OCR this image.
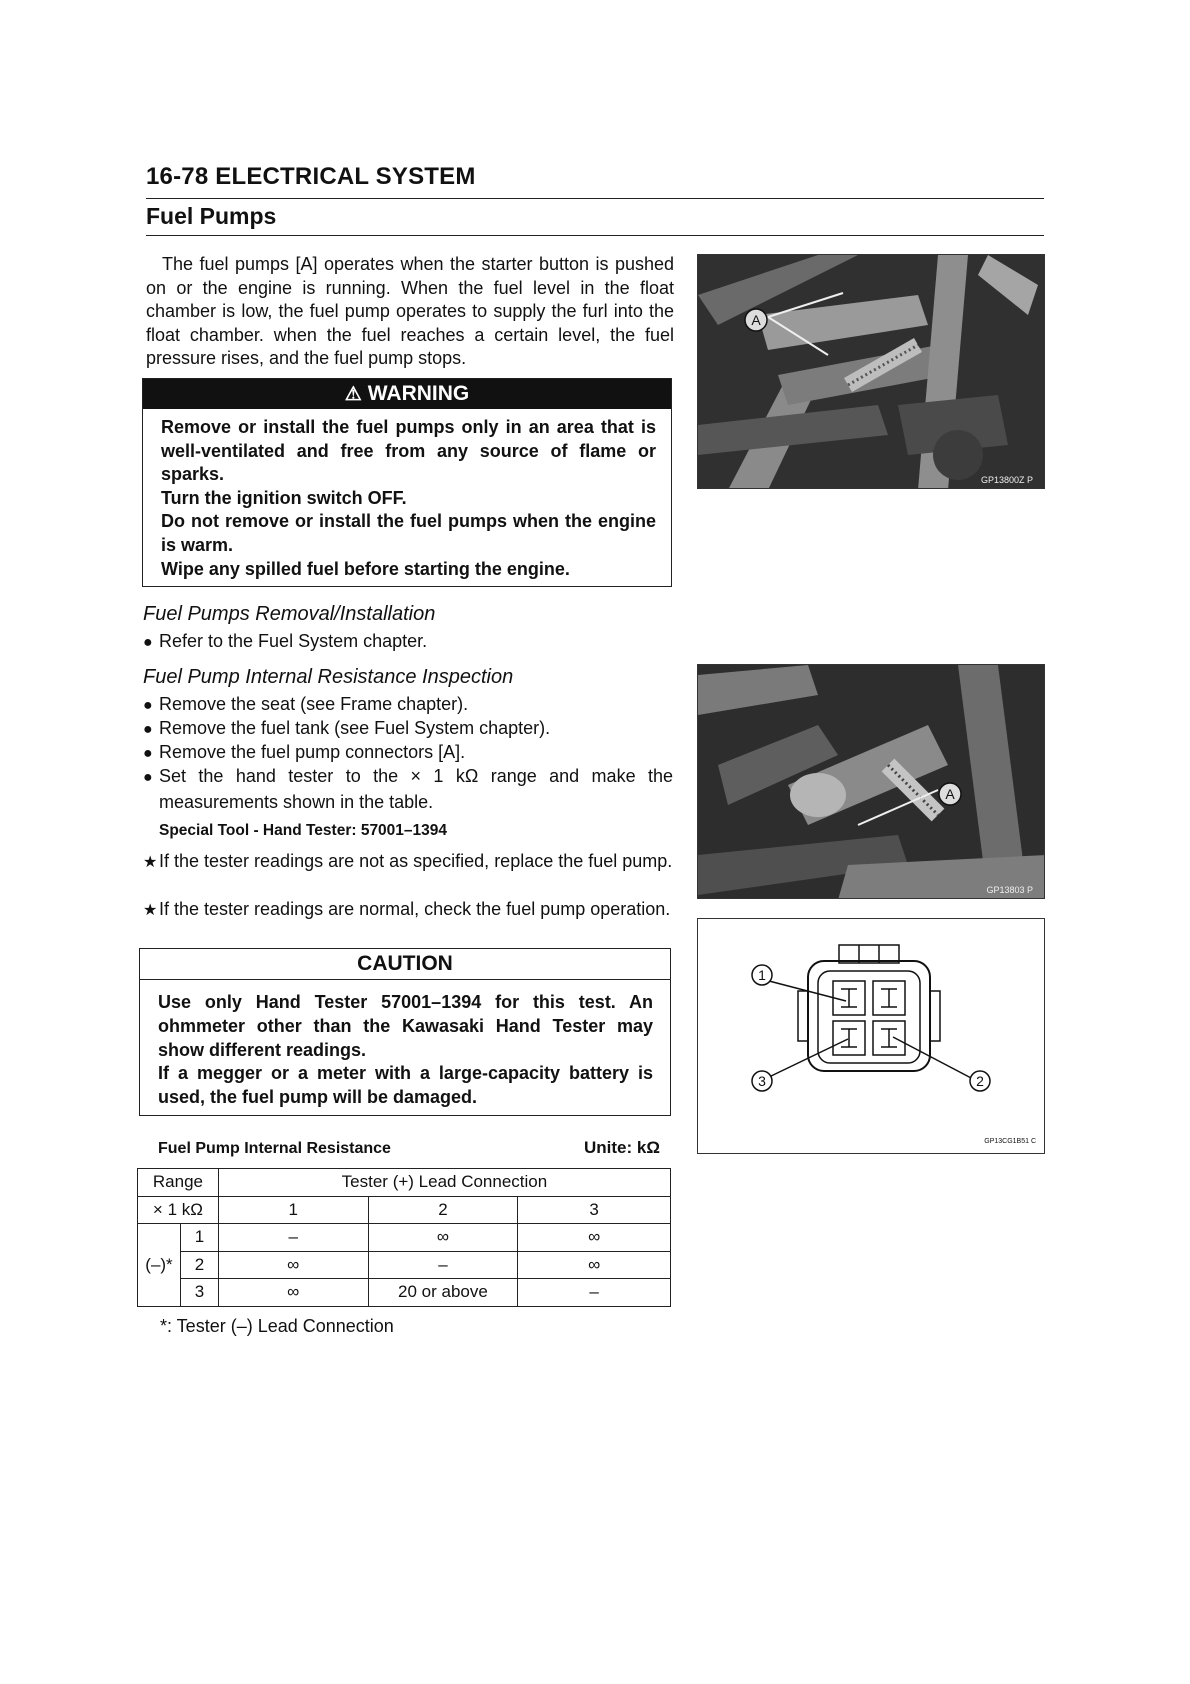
16-78 ELECTRICAL SYSTEM
Fuel Pumps
The fuel pumps [A] operates when the starter button is pushed on or the engine is running. When the fuel level in the float chamber is low, the fuel pump operates to supply the furl into the float chamber. when the fuel reaches a certain level, the fuel pressure rises, and the fuel pump stops.
⚠ WARNING
Remove or install the fuel pumps only in an area that is well-ventilated and free from any source of flame or sparks.
Turn the ignition switch OFF.
Do not remove or install the fuel pumps when the engine is warm.
Wipe any spilled fuel before starting the engine.
Fuel Pumps Removal/Installation
● Refer to the Fuel System chapter.
Fuel Pump Internal Resistance Inspection
● Remove the seat (see Frame chapter).
● Remove the fuel tank (see Fuel System chapter).
● Remove the fuel pump connectors [A].
● Set the hand tester to the × 1 kΩ range and make the measurements shown in the table.
Special Tool - Hand Tester: 57001–1394
★If the tester readings are not as specified, replace the fuel pump.
★If the tester readings are normal, check the fuel pump operation.
CAUTION
Use only Hand Tester 57001–1394 for this test. An ohmmeter other than the Kawasaki Hand Tester may show different readings.
If a megger or a meter with a large-capacity battery is used, the fuel pump will be damaged.
Fuel Pump Internal Resistance	Unite: kΩ
Range		Tester (+) Lead Connection		
× 1 kΩ		1	2	3
(–)*	1	–	∞	∞
	2	∞	–	∞
	3	∞	20 or above	–
*: Tester (–) Lead Connection
A
GP13800Z P
A
GP13803 P
1
3	2
GP13CG1B51 C
